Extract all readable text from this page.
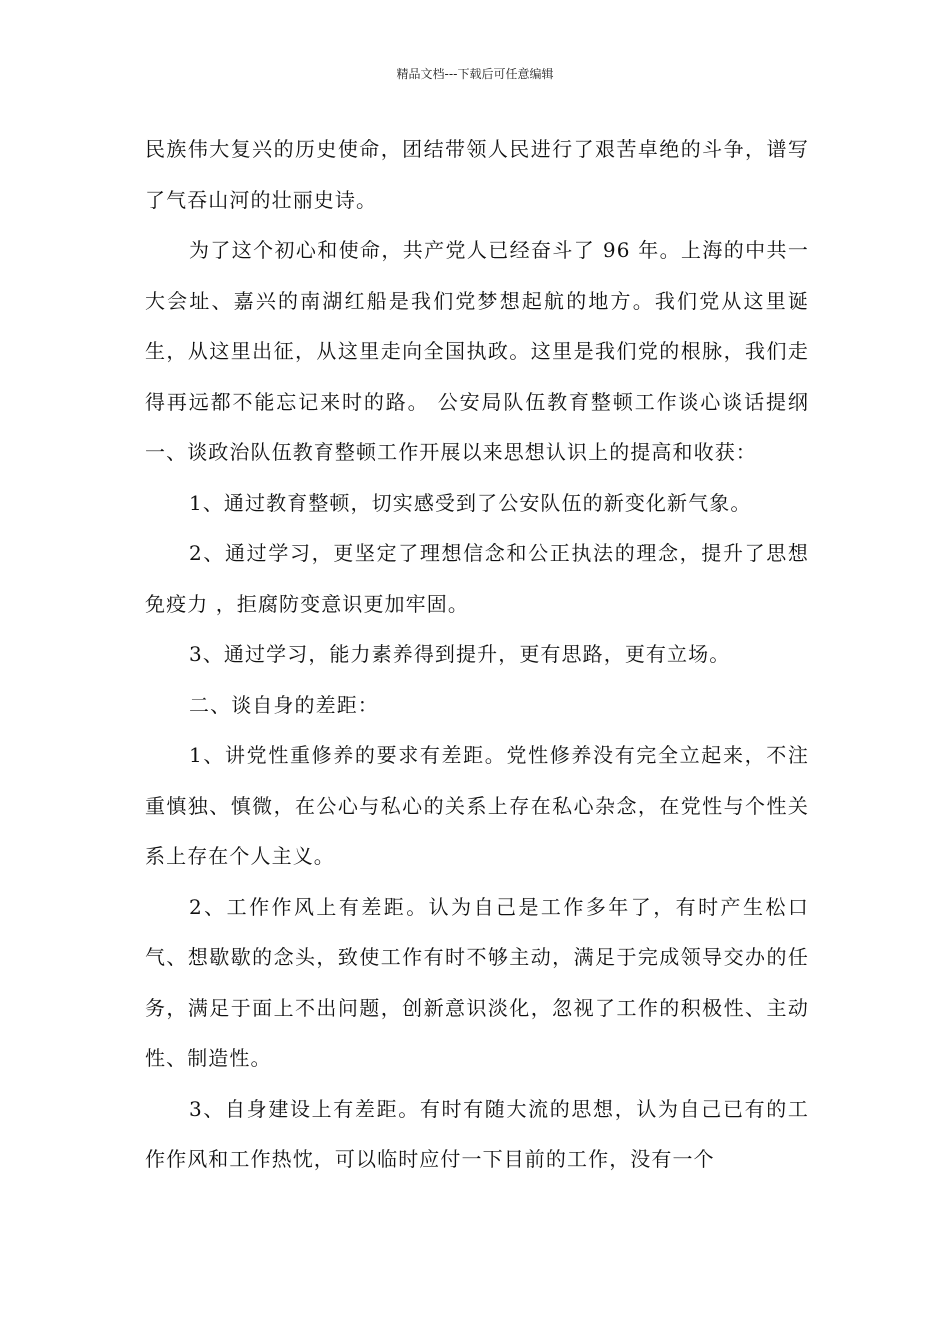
精品文档---下载后可任意编辑

民族伟大复兴的历史使命，团结带领人民进行了艰苦卓绝的斗争，谱写了气吞山河的壮丽史诗。

为了这个初心和使命，共产党人已经奋斗了 96 年。上海的中共一大会址、嘉兴的南湖红船是我们党梦想起航的地方。我们党从这里诞生，从这里出征，从这里走向全国执政。这里是我们党的根脉，我们走得再远都不能忘记来时的路。 公安局队伍教育整顿工作谈心谈话提纲 一、谈政治队伍教育整顿工作开展以来思想认识上的提高和收获：

1、通过教育整顿，切实感受到了公安队伍的新变化新气象。

2、通过学习，更坚定了理想信念和公正执法的理念，提升了思想 免疫力 ，拒腐防变意识更加牢固。

3、通过学习，能力素养得到提升，更有思路，更有立场。

二、谈自身的差距：

1、讲党性重修养的要求有差距。党性修养没有完全立起来，不注重慎独、慎微，在公心与私心的关系上存在私心杂念，在党性与个性关系上存在个人主义。

2、工作作风上有差距。认为自己是工作多年了，有时产生松口气、想歇歇的念头，致使工作有时不够主动，满足于完成领导交办的任务，满足于面上不出问题，创新意识淡化，忽视了工作的积极性、主动性、制造性。

3、自身建设上有差距。有时有随大流的思想，认为自己已有的工作作风和工作热忱，可以临时应付一下目前的工作，没有一个
